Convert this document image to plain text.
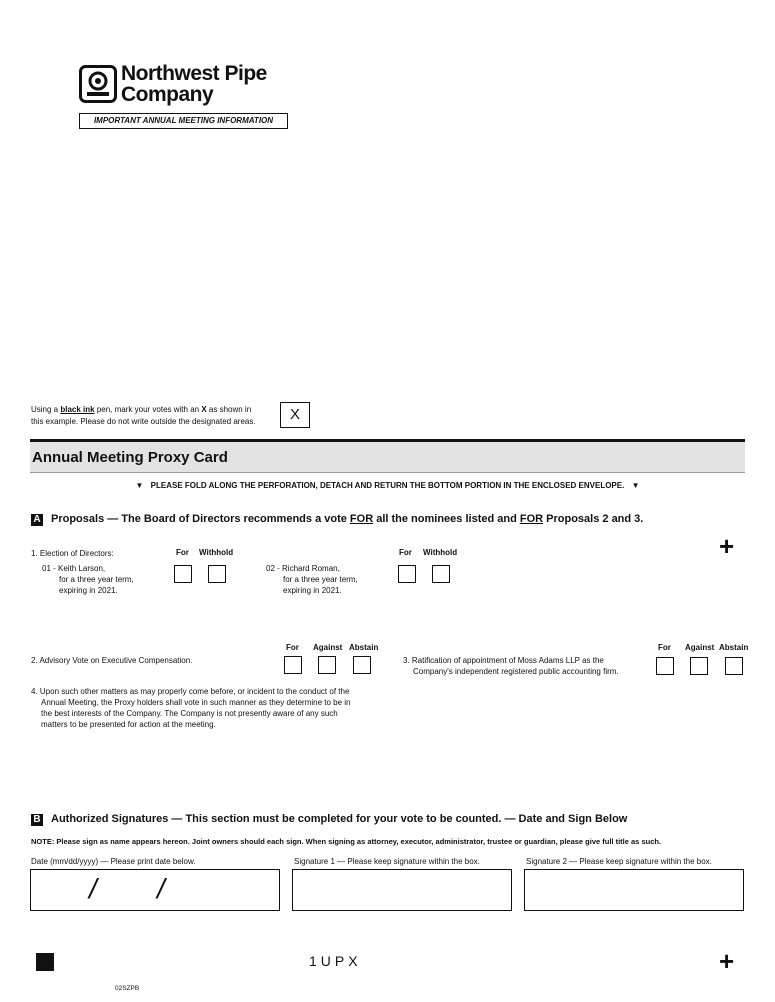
Northwest Pipe
Company
IMPORTANT ANNUAL MEETING INFORMATION
Using a black ink pen, mark your votes with an X as shown in
this example. Please do not write outside the designated areas.	X
Annual Meeting Proxy Card
▼ PLEASE FOLD ALONG THE PERFORATION, DETACH AND RETURN THE BOTTOM PORTION IN THE ENCLOSED ENVELOPE. ▼
A Proposals — The Board of Directors recommends a vote FOR all the nominees listed and FOR Proposals 2 and 3.
+
1. Election of Directors:	For Withhold	For Withhold
01 - Keith Larson,
for a three year term,
expiring in 2021.
02 - Richard Roman,
for a three year term,
expiring in 2021.
For Against Abstain
2. Advisory Vote on Executive Compensation.
For Against Abstain
3. Ratification of appointment of Moss Adams LLP as the
Company's independent registered public accounting firm.
4. Upon such other matters as may properly come before, or incident to the conduct of the
Annual Meeting, the Proxy holders shall vote in such manner as they determine to be in
the best interests of the Company. The Company is not presently aware of any such
matters to be presented for action at the meeting.
B Authorized Signatures — This section must be completed for your vote to be counted. — Date and Sign Below
NOTE: Please sign as name appears hereon. Joint owners should each sign. When signing as attorney, executor, administrator, trustee or guardian, please give full title as such.
Date (mm/dd/yyyy) — Please print date below.	Signature 1 — Please keep signature within the box.	Signature 2 — Please keep signature within the box.
/ /
1UPX	+
02SZPB
